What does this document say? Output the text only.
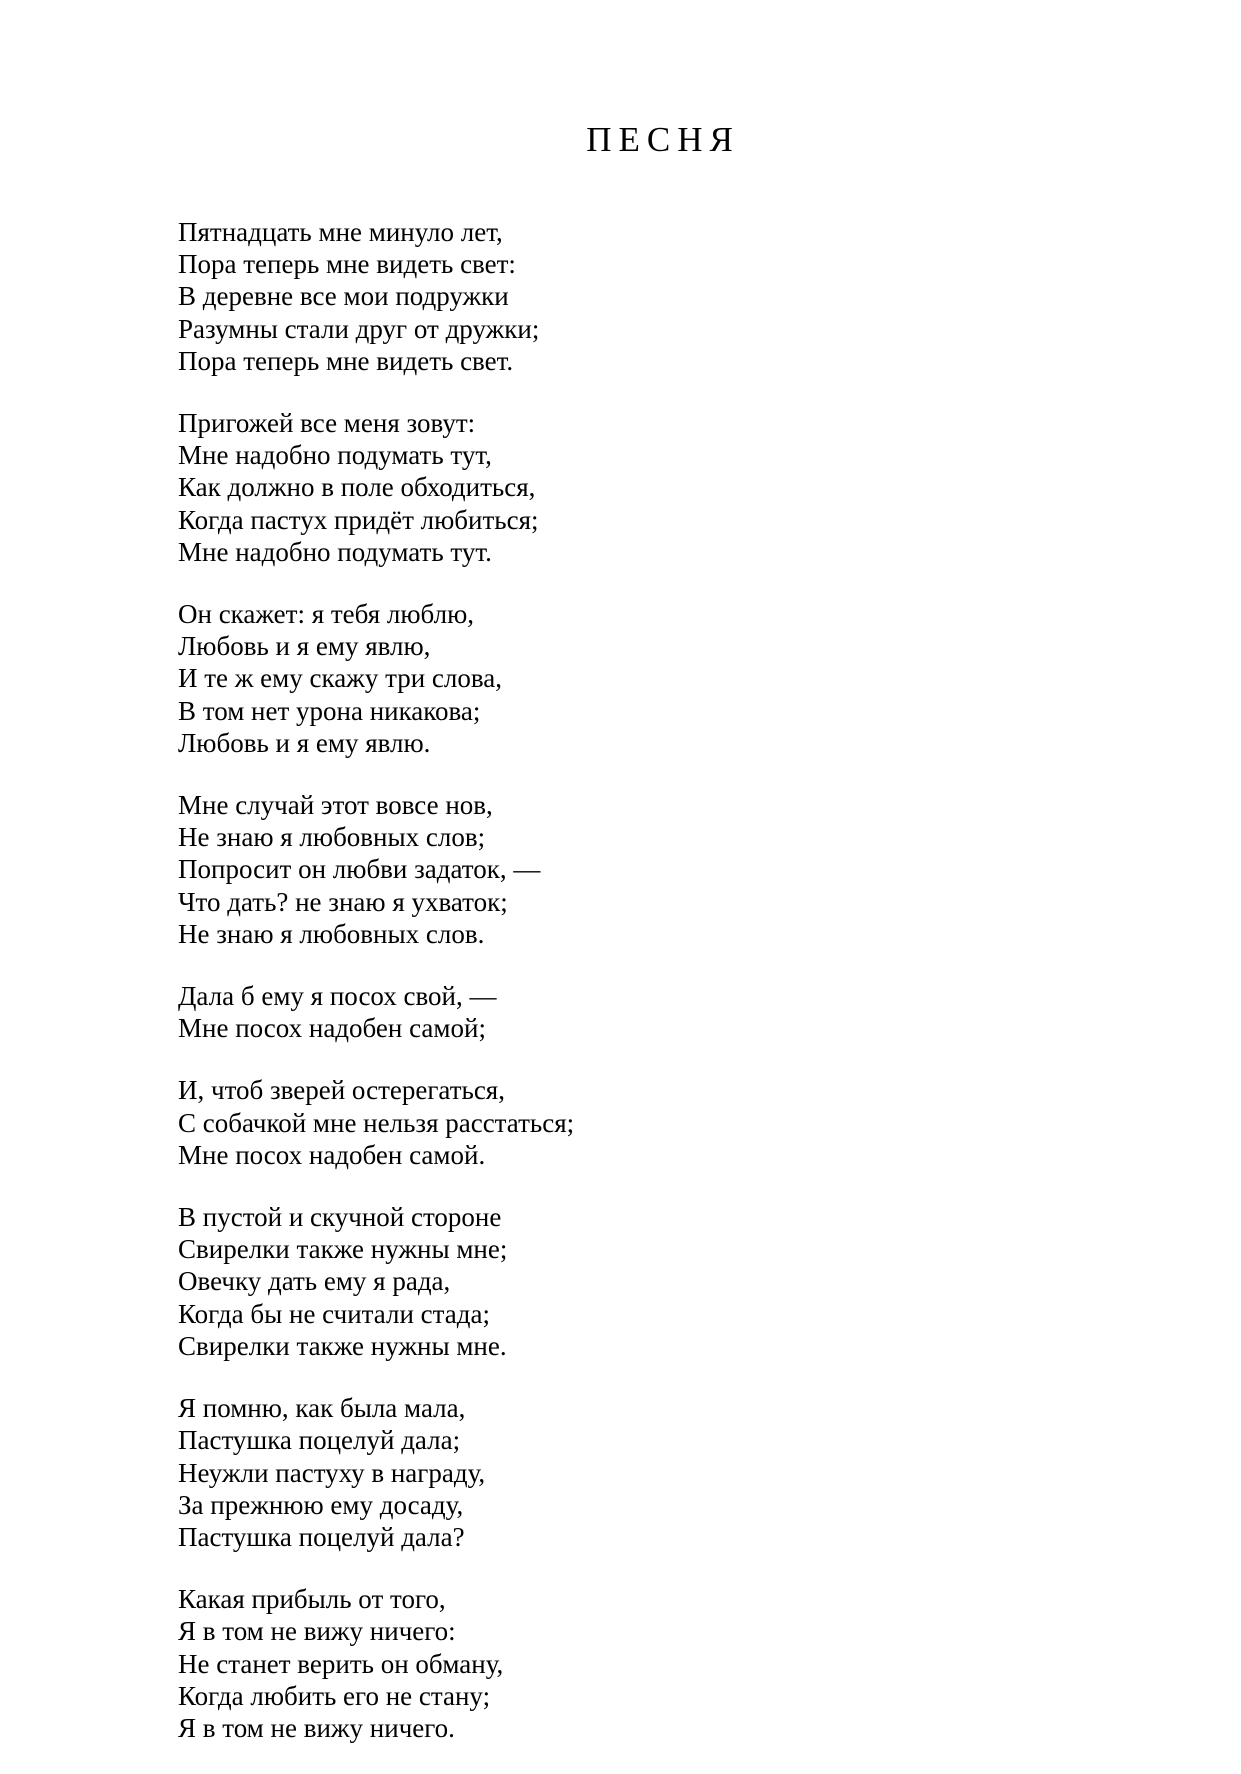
ПЕСНЯ
Пятнадцать мне минуло лет,
Пора теперь мне видеть свет:
В деревне все мои подружки
Разумны стали друг от дружки;
Пора теперь мне видеть свет.
Пригожей все меня зовут:
Мне надобно подумать тут,
Как должно в поле обходиться,
Когда пастух придёт любиться;
Мне надобно подумать тут.
Он скажет: я тебя люблю,
Любовь и я ему явлю,
И те ж ему скажу три слова,
В том нет урона никакова;
Любовь и я ему явлю.
Мне случай этот вовсе нов,
Не знаю я любовных слов;
Попросит он любви задаток, —
Что дать? не знаю я ухваток;
Не знаю я любовных слов.
Дала б ему я посох свой, —
Мне посох надобен самой;
И, чтоб зверей остерегаться,
С собачкой мне нельзя расстаться;
Мне посох надобен самой.
В пустой и скучной стороне
Свирелки также нужны мне;
Овечку дать ему я рада,
Когда бы не считали стада;
Свирелки также нужны мне.
Я помню, как была мала,
Пастушка поцелуй дала;
Неужли пастуху в награду,
За прежнюю ему досаду,
Пастушка поцелуй дала?
Какая прибыль от того,
Я в том не вижу ничего:
Не станет верить он обману,
Когда любить его не стану;
Я в том не вижу ничего.
